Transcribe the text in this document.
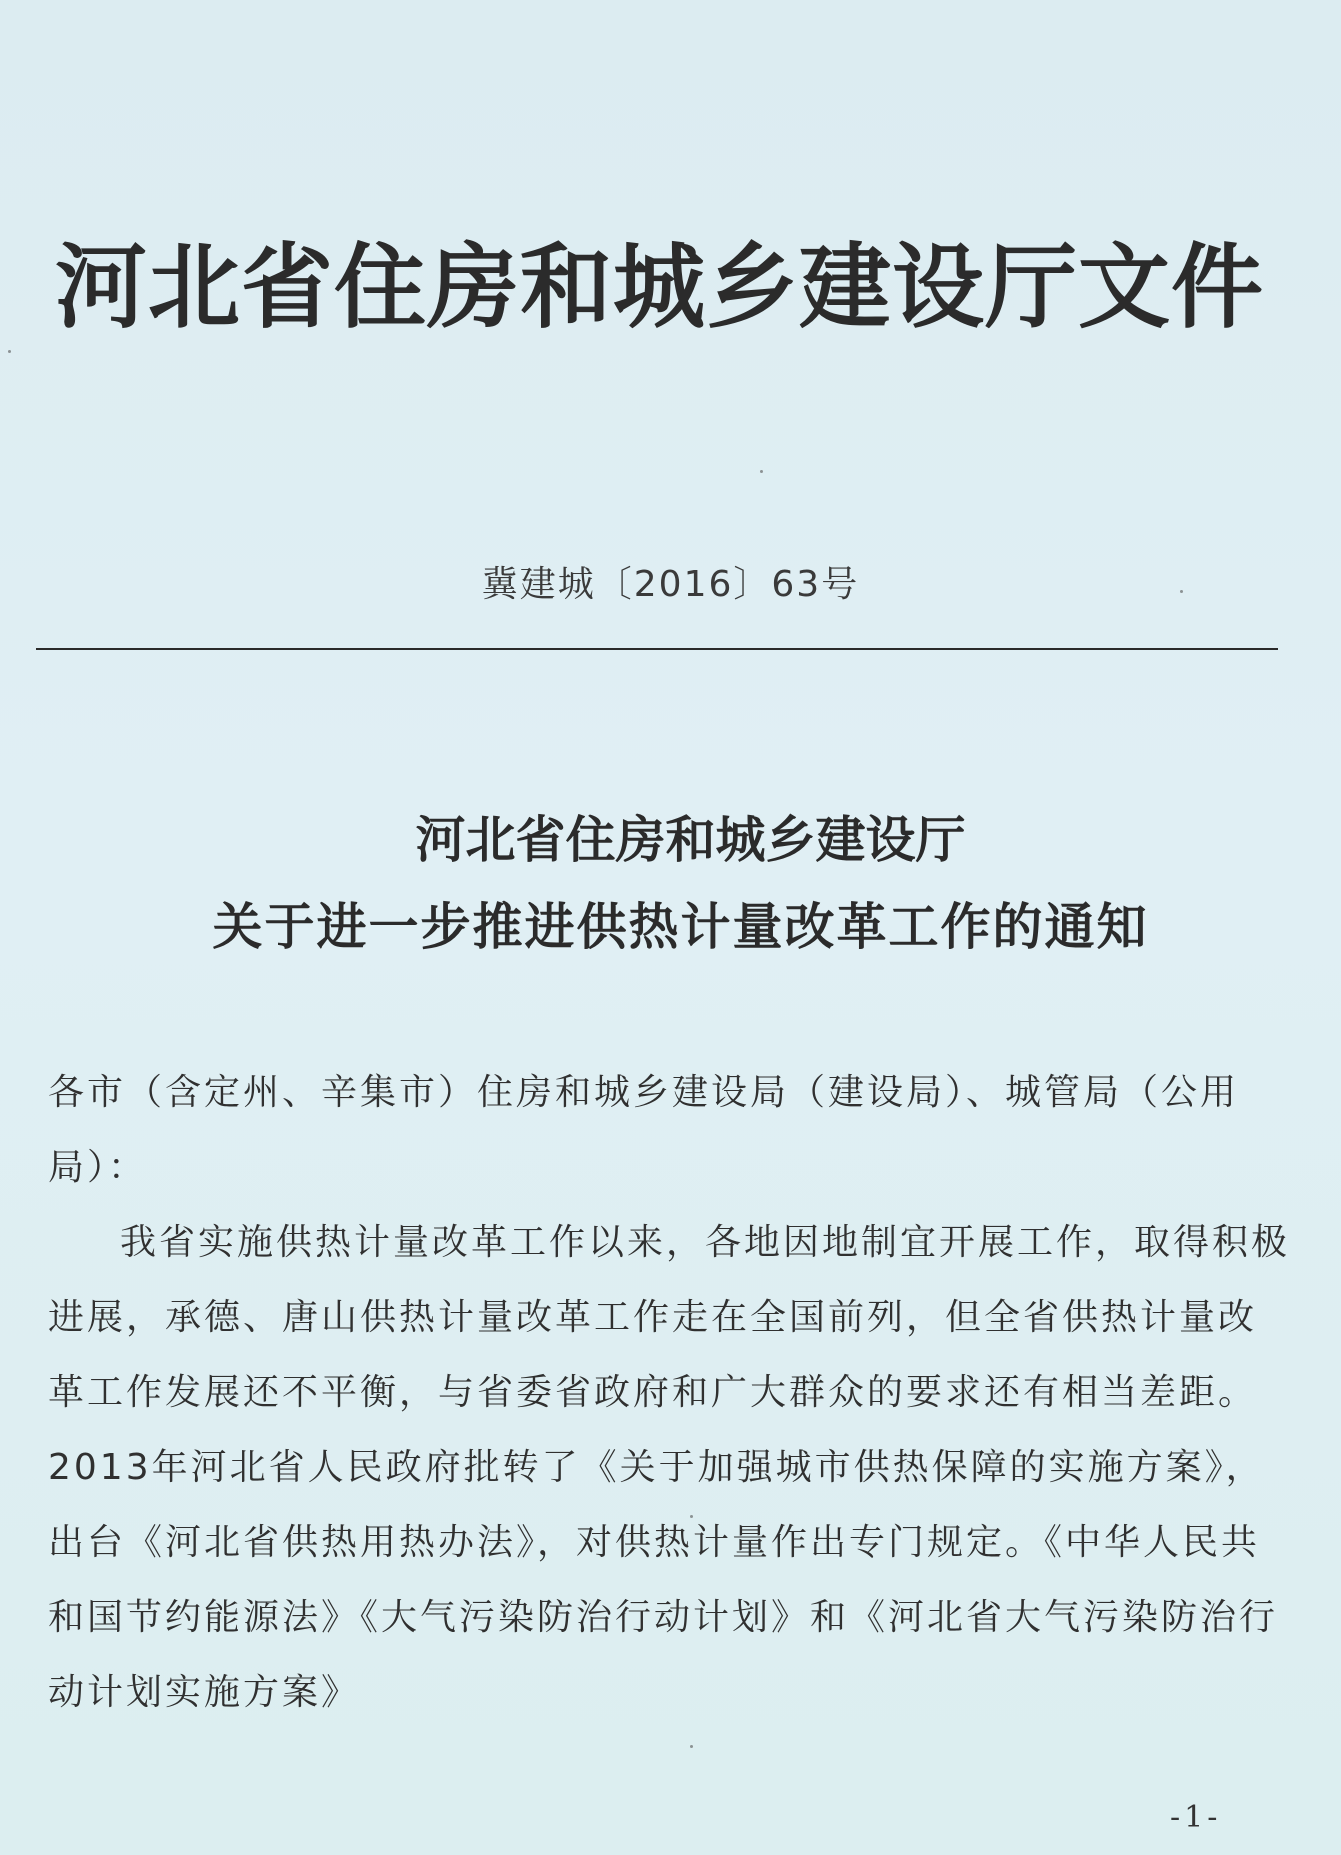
河北省住房和城乡建设厅文件
冀建城〔2016〕63号
河北省住房和城乡建设厅
关于进一步推进供热计量改革工作的通知

各市（含定州、辛集市）住房和城乡建设局（建设局）、城管局（公用局）：

我省实施供热计量改革工作以来，各地因地制宜开展工作，取得积极进展，承德、唐山供热计量改革工作走在全国前列，但全省供热计量改革工作发展还不平衡，与省委省政府和广大群众的要求还有相当差距。2013年河北省人民政府批转了《关于加强城市供热保障的实施方案》，出台《河北省供热用热办法》，对供热计量作出专门规定。《中华人民共和国节约能源法》《大气污染防治行动计划》和《河北省大气污染防治行动计划实施方案》

-1-
